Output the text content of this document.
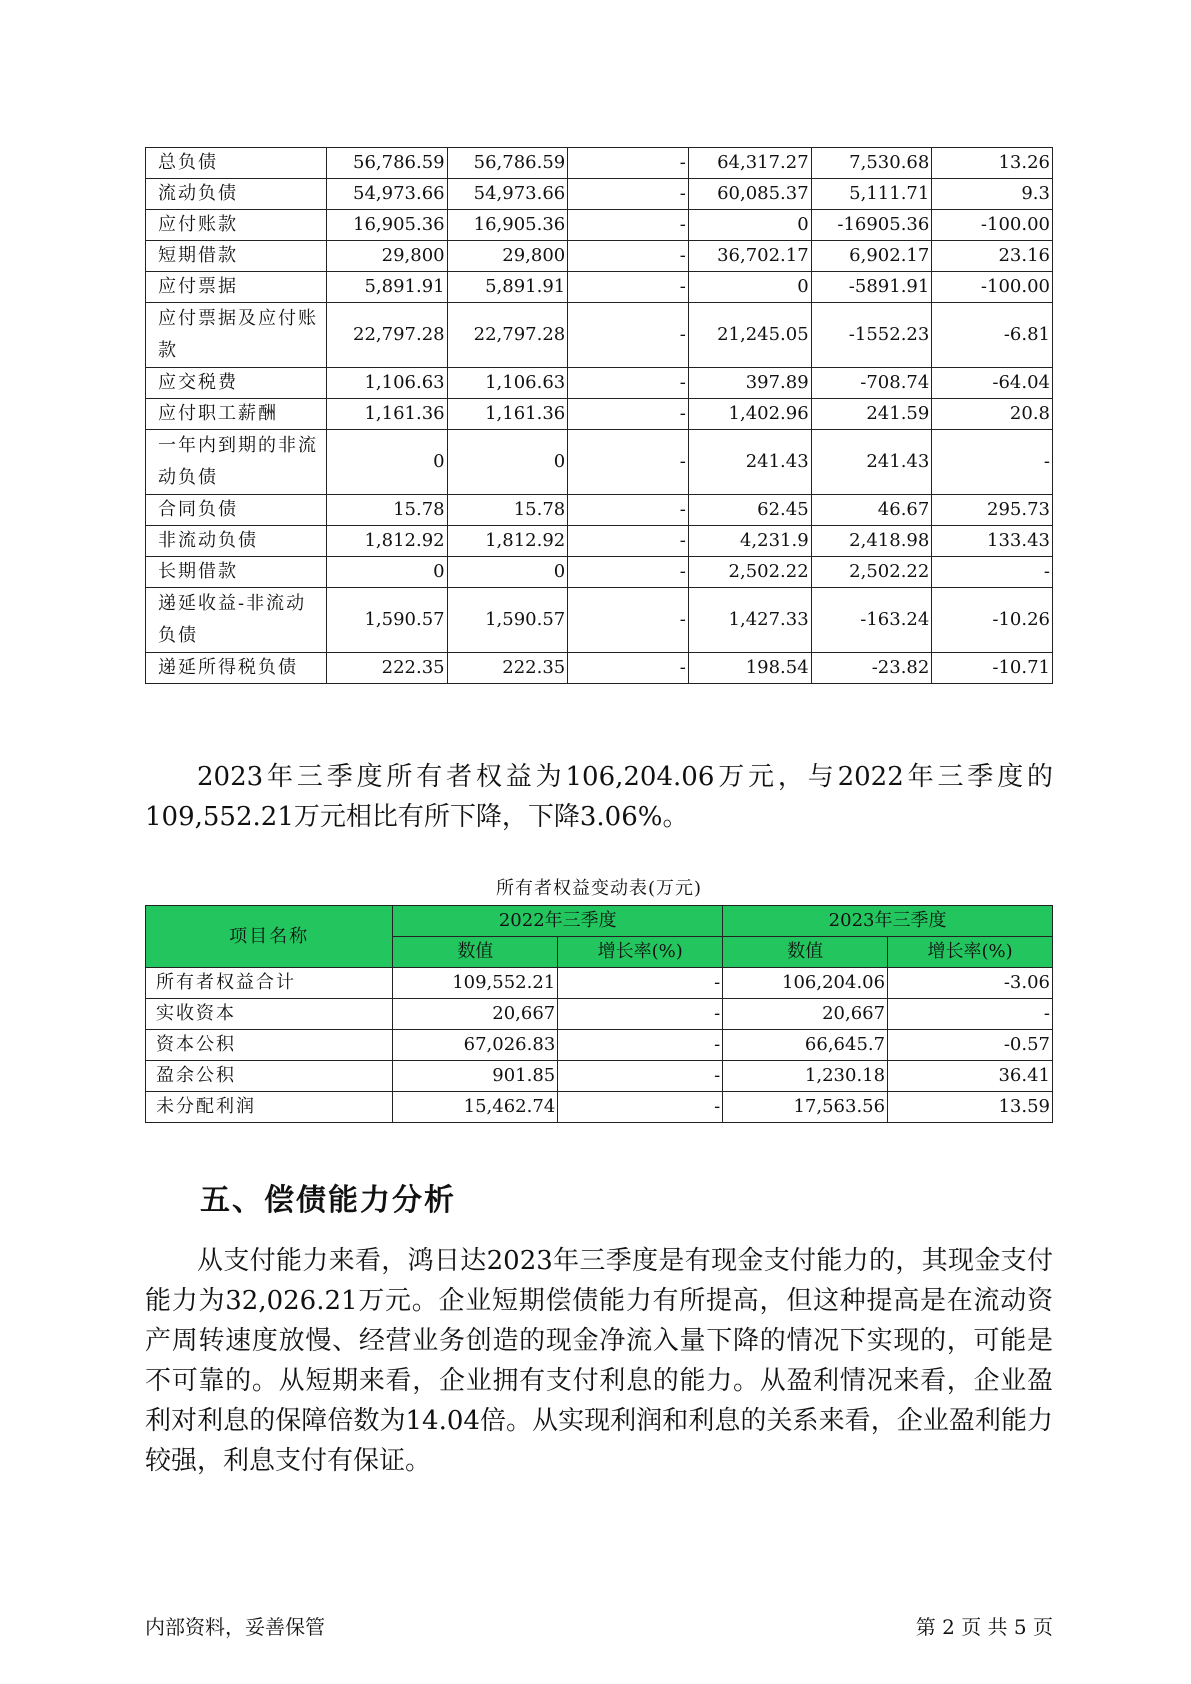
总负债	56,786.59	56,786.59	-	64,317.27	7,530.68	13.26
流动负债	54,973.66	54,973.66	-	60,085.37	5,111.71	9.3
应付账款	16,905.36	16,905.36	-	0	-16905.36	-100.00
短期借款	29,800	29,800	-	36,702.17	6,902.17	23.16
应付票据	5,891.91	5,891.91	-	0	-5891.91	-100.00
应付票据及应付账款	22,797.28	22,797.28	-	21,245.05	-1552.23	-6.81
应交税费	1,106.63	1,106.63	-	397.89	-708.74	-64.04
应付职工薪酬	1,161.36	1,161.36	-	1,402.96	241.59	20.8
一年内到期的非流动负债	0	0	-	241.43	241.43	-
合同负债	15.78	15.78	-	62.45	46.67	295.73
非流动负债	1,812.92	1,812.92	-	4,231.9	2,418.98	133.43
长期借款	0	0	-	2,502.22	2,502.22	-
递延收益-非流动负债	1,590.57	1,590.57	-	1,427.33	-163.24	-10.26
递延所得税负债	222.35	222.35	-	198.54	-23.82	-10.71

2023年三季度所有者权益为106,204.06万元，与2022年三季度的109,552.21万元相比有所下降，下降3.06%。

所有者权益变动表(万元)
项目名称	2022年三季度		2023年三季度	
	数值	增长率(%)	数值	增长率(%)
所有者权益合计	109,552.21	-	106,204.06	-3.06
实收资本	20,667	-	20,667	-
资本公积	67,026.83	-	66,645.7	-0.57
盈余公积	901.85	-	1,230.18	36.41
未分配利润	15,462.74	-	17,563.56	13.59
五、偿债能力分析

从支付能力来看，鸿日达2023年三季度是有现金支付能力的，其现金支付能力为32,026.21万元。企业短期偿债能力有所提高，但这种提高是在流动资产周转速度放慢、经营业务创造的现金净流入量下降的情况下实现的，可能是不可靠的。从短期来看，企业拥有支付利息的能力。从盈利情况来看，企业盈利对利息的保障倍数为14.04倍。从实现利润和利息的关系来看，企业盈利能力较强，利息支付有保证。

内部资料，妥善保管	第 2 页 共 5 页
